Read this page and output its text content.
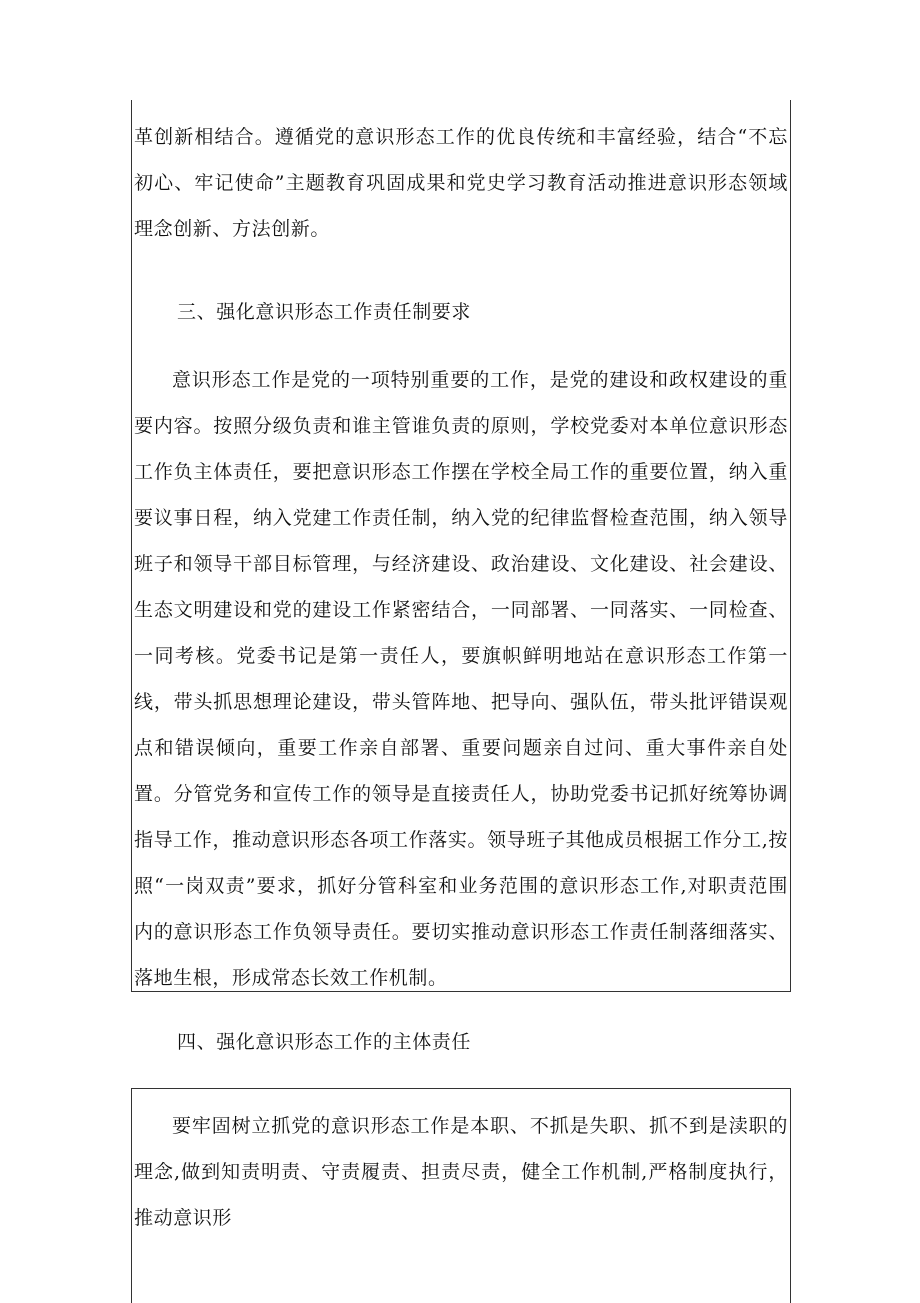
革创新相结合。遵循党的意识形态工作的优良传统和丰富经验，结合“不忘初心、牢记使命”主题教育巩固成果和党史学习教育活动推进意识形态领域理念创新、方法创新。

意识形态工作是党的一项特别重要的工作，是党的建设和政权建设的重要内容。按照分级负责和谁主管谁负责的原则，学校党委对本单位意识形态工作负主体责任，要把意识形态工作摆在学校全局工作的重要位置，纳入重要议事日程，纳入党建工作责任制，纳入党的纪律监督检查范围，纳入领导班子和领导干部目标管理，与经济建设、政治建设、文化建设、社会建设、生态文明建设和党的建设工作紧密结合，一同部署、一同落实、一同检查、一同考核。党委书记是第一责任人，要旗帜鲜明地站在意识形态工作第一线，带头抓思想理论建设，带头管阵地、把导向、强队伍，带头批评错误观点和错误倾向，重要工作亲自部署、重要问题亲自过问、重大事件亲自处置。分管党务和宣传工作的领导是直接责任人，协助党委书记抓好统筹协调指导工作，推动意识形态各项工作落实。领导班子其他成员根据工作分工,按照“一岗双责”要求，抓好分管科室和业务范围的意识形态工作,对职责范围内的意识形态工作负领导责任。要切实推动意识形态工作责任制落细落实、落地生根，形成常态长效工作机制。

三、强化意识形态工作责任制要求

四、强化意识形态工作的主体责任

要牢固树立抓党的意识形态工作是本职、不抓是失职、抓不到是渎职的理念,做到知责明责、守责履责、担责尽责，健全工作机制,严格制度执行，推动意识形
